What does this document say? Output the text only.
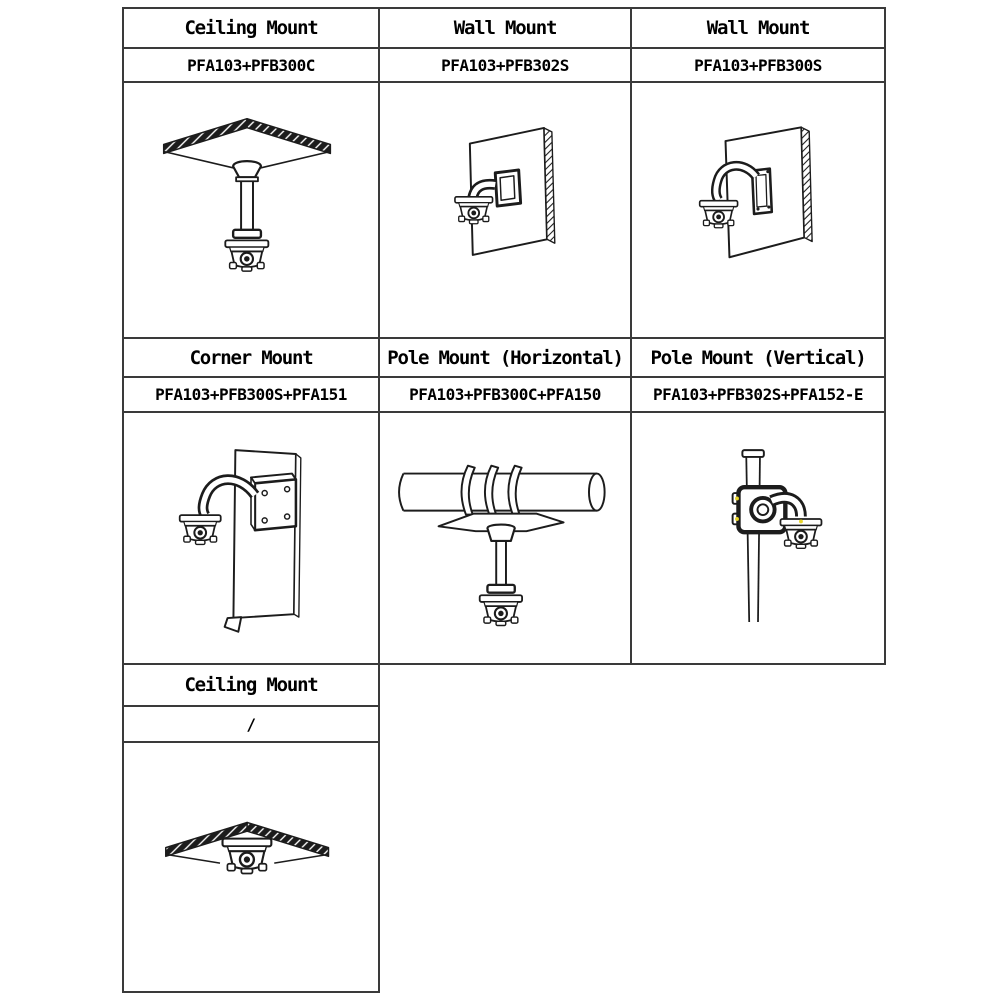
Ceiling Mount	Wall Mount	Wall Mount
PFA103+PFB300C	PFA103+PFB302S	PFA103+PFB300S
Corner Mount	Pole Mount (Horizontal)	Pole Mount (Vertical)
PFA103+PFB300S+PFA151	PFA103+PFB300C+PFA150	PFA103+PFB302S+PFA152-E
Ceiling Mount
/
